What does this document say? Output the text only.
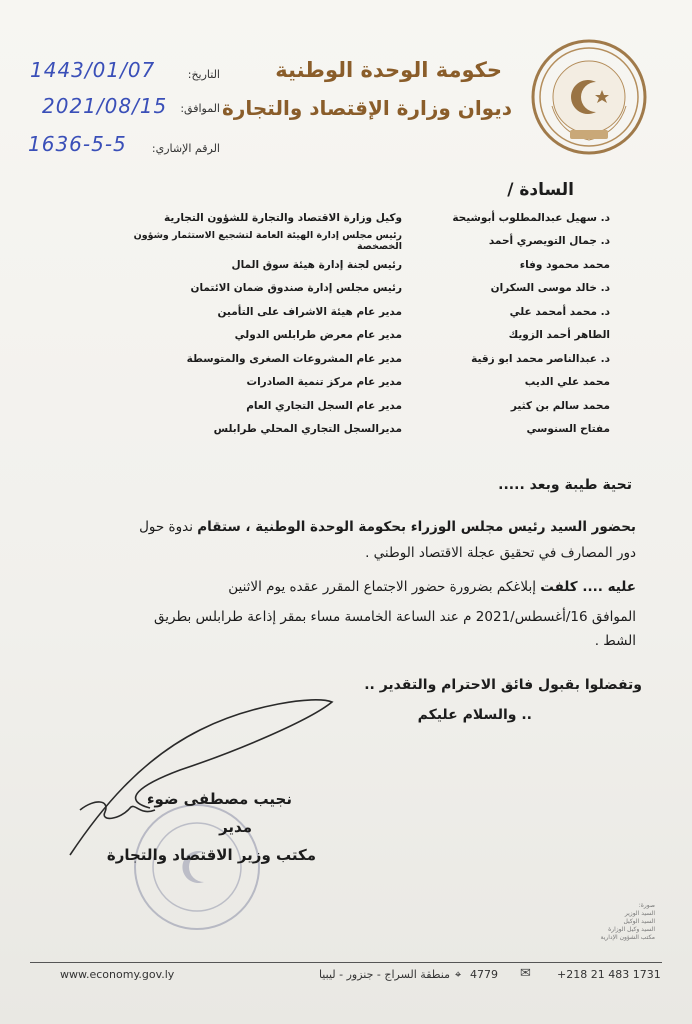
حكومة الوحدة الوطنية
ديوان وزارة الإقتصاد والتجارة
التاريخ:
1443/01/07
الموافق:
2021/08/15
الرقم الإشاري:
1636-5-5
السادة /
د. سهيل عبدالمطلوب أبوشيحة
وكيل وزارة الاقتصاد والتجارة للشؤون التجارية
د. جمال التويصري أحمد
رئيس مجلس إدارة الهيئة العامة لتشجيع الاستثمار وشؤون الخصخصة
محمد محمود وفاء
رئيس لجنة إدارة هيئة سوق المال
د. خالد موسى السكران
رئيس مجلس إدارة صندوق ضمان الائتمان
د. محمد أمحمد علي
مدير عام هيئة الاشراف على التأمين
الطاهر أحمد الزويك
مدير عام معرض طرابلس الدولي
د. عبدالناصر محمد ابو زقية
مدير عام المشروعات الصغرى والمتوسطة
محمد علي الديب
مدير عام مركز تنمية الصادرات
محمد سالم بن كثير
مدير عام السجل التجاري العام
مفتاح السنوسي
مديرالسجل التجاري المحلي طرابلس
تحية طيبة وبعد .....
بحضور السيد رئيس مجلس الوزراء بحكومة الوحدة الوطنية ، ستقام ندوة حول
دور المصارف في تحقيق عجلة الاقتصاد الوطني .
عليه .... كلفت إبلاغكم بضرورة حضور الاجتماع المقرر عقده يوم الاثنين
الموافق 16/أغسطس/2021 م عند الساعة الخامسة مساء بمقر إذاعة طرابلس بطريق
الشط .
وتفضلوا بقبول فائق الاحترام والتقدير ..
.. والسلام عليكم
نجيب مصطفى ضوء
مدير
مكتب وزير الاقتصاد والتجارة
صورة:
السيد الوزير
السيد الوكيل
السيد وكيل الوزارة
مكتب الشؤون الإدارية
www.economy.gov.ly	منطقة السراج - جنزور - ليبيا ⌖ 4779 ✉ +218 21 483 1731
